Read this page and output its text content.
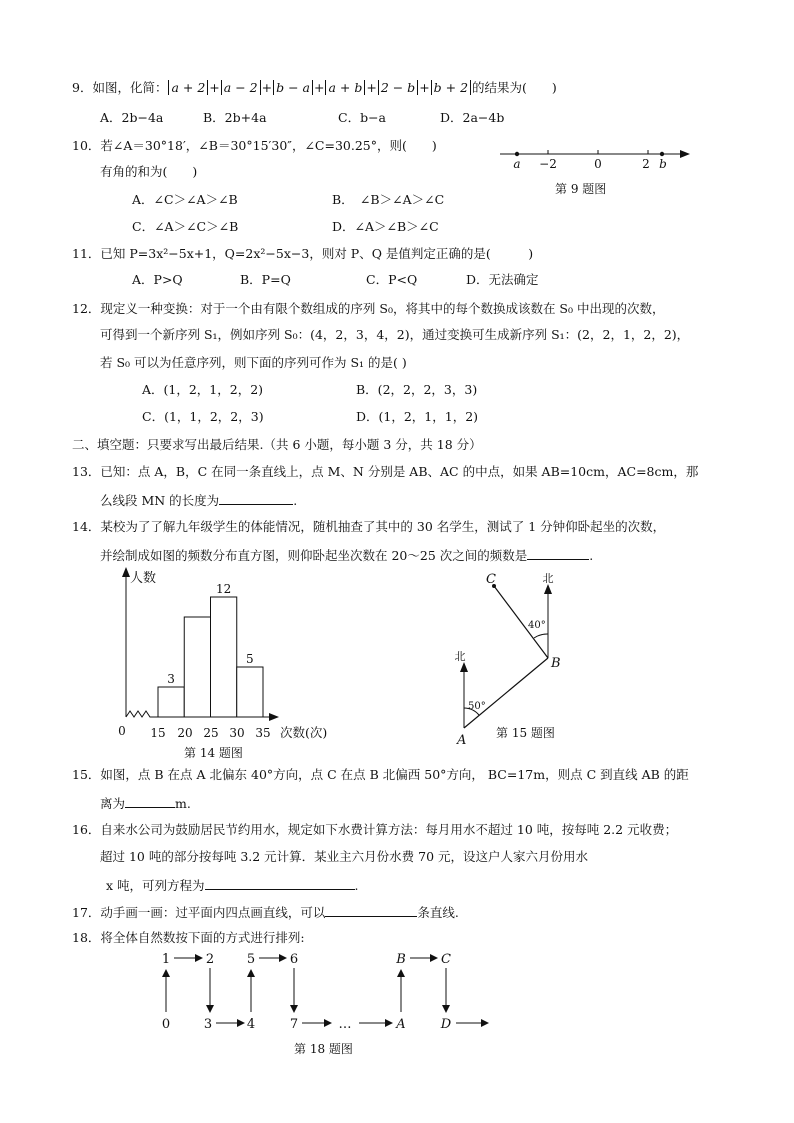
9．如图，化简： a + 2 + a − 2 + b − a + a + b + 2 − b + b + 2 的结果为(　　)
A．2b−4a	B．2b+4a	C．b−a	D．2a−4b
10．若∠A＝30°18′，∠B＝30°15′30″，∠C=30.25°，则(　　)
有角的和为(　　)
A．∠C＞∠A＞∠B	B．　∠B＞∠A＞∠C
C．∠A＞∠C＞∠B	D．∠A＞∠B＞∠C
a −2	0	2 b
第 9 题图
11．已知 P=3x²−5x+1，Q=2x²−5x−3，则对 P、Q 是值判定正确的是(　　　)
A．P>Q	B．P=Q	C．P<Q	D．无法确定
12．现定义一种变换：对于一个由有限个数组成的序列 S₀，将其中的每个数换成该数在 S₀ 中出现的次数，
可得到一个新序列 S₁，例如序列 S₀：(4，2，3，4，2)，通过变换可生成新序列 S₁：(2，2，1，2，2)，
若 S₀ 可以为任意序列，则下面的序列可作为 S₁ 的是( )
A．(1，2，1，2，2)	B．(2，2，2，3，3)
C．(1，1，2，2，3)	D．(1，2，1，1，2)
二、填空题：只要求写出最后结果.（共 6 小题，每小题 3 分，共 18 分）
13．已知：点 A，B，C 在同一条直线上，点 M、N 分别是 AB、AC 的中点，如果 AB=10cm，AC=8cm，那
么线段 MN 的长度为	.
14．某校为了了解九年级学生的体能情况，随机抽查了其中的 30 名学生，测试了 1 分钟仰卧起坐的次数，
并绘制成如图的频数分布直方图，则仰卧起坐次数在 20～25 次之间的频数是	.
3
12
5
人数
0 15 20 25 30 35 次数(次)
第 14 题图
北
北
50°
40°
A
B
C
第 15 题图
15．如图，点 B 在点 A 北偏东 40°方向，点 C 在点 B 北偏西 50°方向， BC=17m，则点 C 到直线 AB 的距
离为	m.
16．自来水公司为鼓励居民节约用水，规定如下水费计算方法：每月用水不超过 10 吨，按每吨 2.2 元收费；
超过 10 吨的部分按每吨 3.2 元计算．某业主六月份水费 70 元，设这户人家六月份用水
x 吨，可列方程为	.
17．动手画一画：过平面内四点画直线，可以	条直线.
18．将全体自然数按下面的方式进行排列:
1	2	5	6	B	C
0	3	4	7	…	A	D
第 18 题图
